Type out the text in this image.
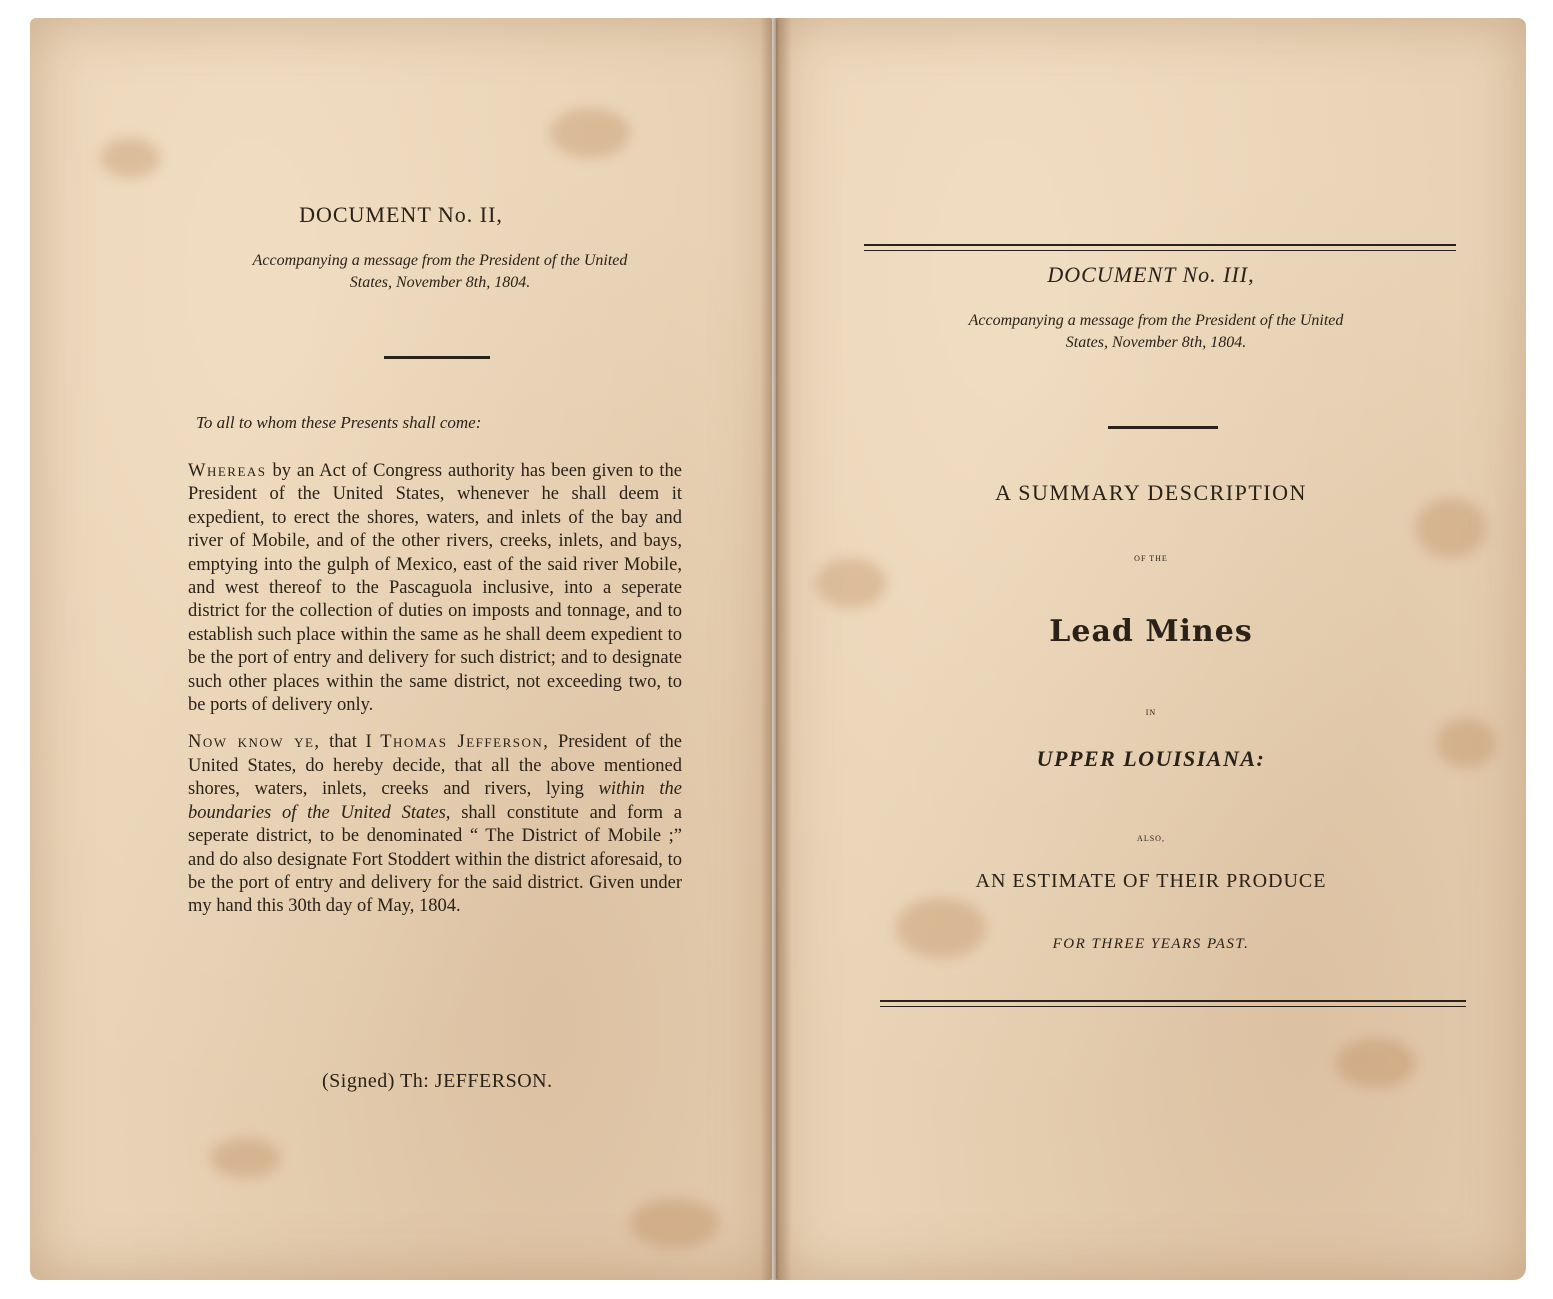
DOCUMENT No. II,
Accompanying a message from the President of the United
States, November 8th, 1804.
To all to whom these Presents shall come:

Whereas by an Act of Congress authority has been given to the President of the United States, whenever he shall deem it expedient, to erect the shores, waters, and inlets of the bay and river of Mobile, and of the other rivers, creeks, inlets, and bays, emptying into the gulph of Mexico, east of the said river Mobile, and west thereof to the Pascaguola inclusive, into a seperate district for the collection of duties on imposts and tonnage, and to establish such place within the same as he shall deem expedient to be the port of entry and delivery for such district; and to designate such other places within the same district, not exceeding two, to be ports of delivery only.

Now know ye, that I Thomas Jefferson, President of the United States, do hereby decide, that all the above mentioned shores, waters, inlets, creeks and rivers, lying within the boundaries of the United States, shall constitute and form a seperate district, to be denominated “ The District of Mobile ;” and do also designate Fort Stoddert within the district aforesaid, to be the port of entry and delivery for the said district. Given under my hand this 30th day of May, 1804.

(Signed) Th: JEFFERSON.
DOCUMENT No. III,
Accompanying a message from the President of the United
States, November 8th, 1804.
A SUMMARY DESCRIPTION
OF THE
Lead Mines
IN
UPPER LOUISIANA:
ALSO,
AN ESTIMATE OF THEIR PRODUCE
FOR THREE YEARS PAST.
